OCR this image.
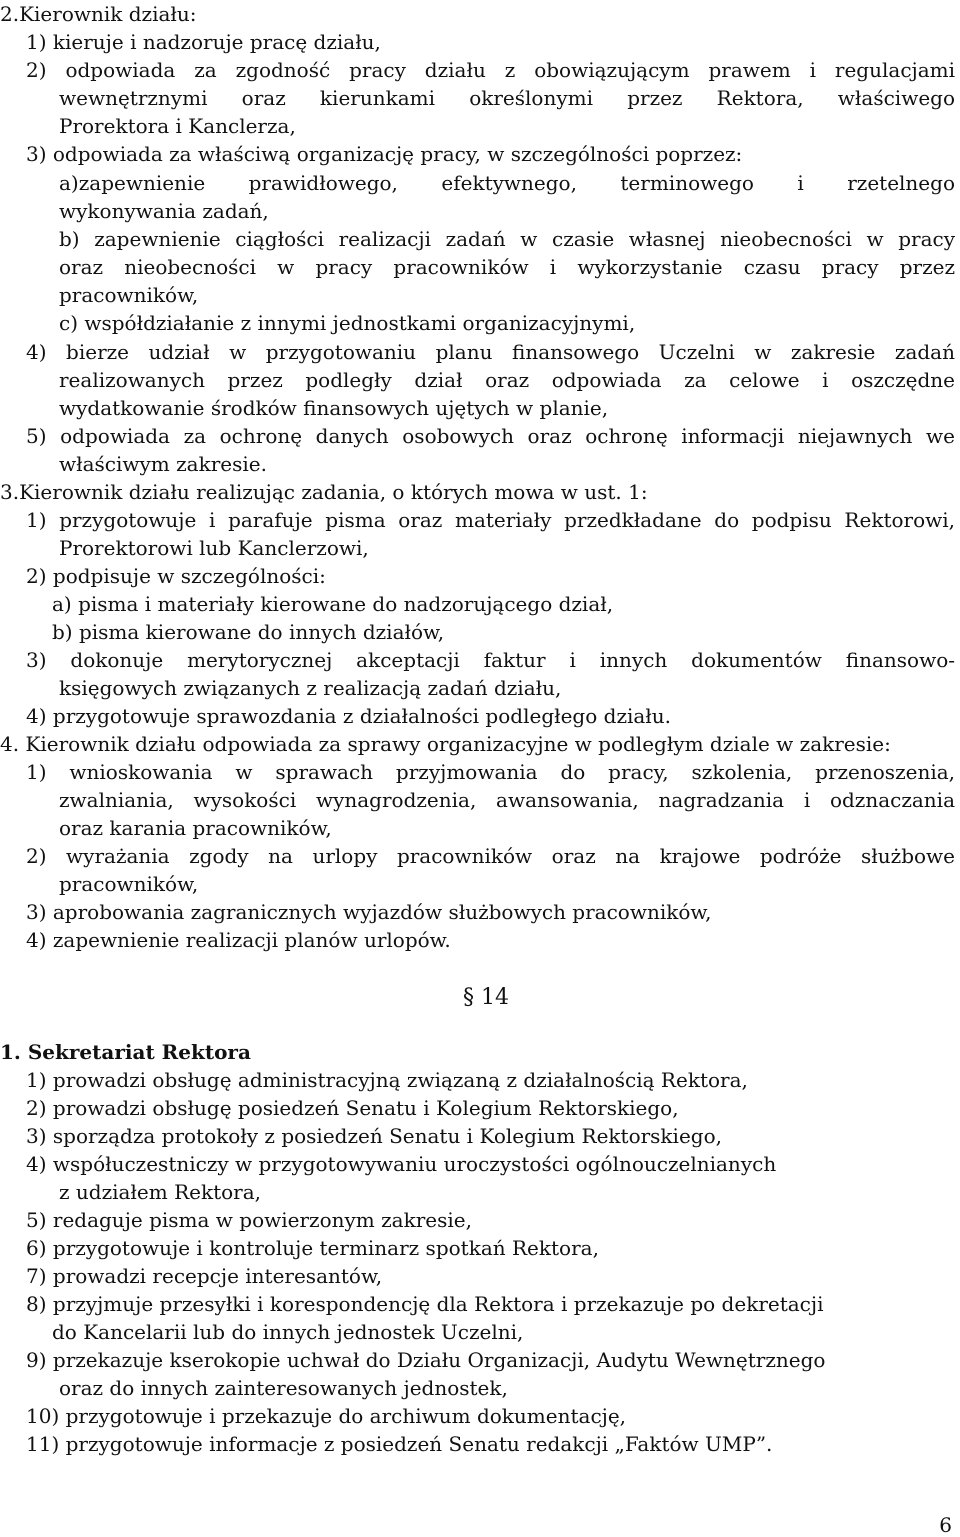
2.Kierownik działu:
1) kieruje i nadzoruje pracę działu,
2) odpowiada za zgodność pracy działu z obowiązującym prawem i regulacjami
wewnętrznymi oraz kierunkami określonymi przez Rektora, właściwego
Prorektora i Kanclerza,
3) odpowiada za właściwą organizację pracy, w szczególności poprzez:
a)zapewnienie prawidłowego, efektywnego, terminowego i rzetelnego
wykonywania zadań,
b) zapewnienie ciągłości realizacji zadań w czasie własnej nieobecności w pracy
oraz nieobecności w pracy pracowników i wykorzystanie czasu pracy przez
pracowników,
c) współdziałanie z innymi jednostkami organizacyjnymi,
4) bierze udział w przygotowaniu planu finansowego Uczelni w zakresie zadań
realizowanych przez podległy dział oraz odpowiada za celowe i oszczędne
wydatkowanie środków finansowych ujętych w planie,
5) odpowiada za ochronę danych osobowych oraz ochronę informacji niejawnych we
właściwym zakresie.
3.Kierownik działu realizując zadania, o których mowa w ust. 1:
1) przygotowuje i parafuje pisma oraz materiały przedkładane do podpisu Rektorowi,
Prorektorowi lub Kanclerzowi,
2) podpisuje w szczególności:
a) pisma i materiały kierowane do nadzorującego dział,
b) pisma kierowane do innych działów,
3) dokonuje merytorycznej akceptacji faktur i innych dokumentów finansowo-
księgowych związanych z realizacją zadań działu,
4) przygotowuje sprawozdania z działalności podległego działu.
4. Kierownik działu odpowiada za sprawy organizacyjne w podległym dziale w zakresie:
1) wnioskowania w sprawach przyjmowania do pracy, szkolenia, przenoszenia,
zwalniania, wysokości wynagrodzenia, awansowania, nagradzania i odznaczania
oraz karania pracowników,
2) wyrażania zgody na urlopy pracowników oraz na krajowe podróże służbowe
pracowników,
3) aprobowania zagranicznych wyjazdów służbowych pracowników,
4) zapewnienie realizacji planów urlopów.
§ 14
1. Sekretariat Rektora
1) prowadzi obsługę administracyjną związaną z działalnością Rektora,
2) prowadzi obsługę posiedzeń Senatu i Kolegium Rektorskiego,
3) sporządza protokoły z posiedzeń Senatu i Kolegium Rektorskiego,
4) współuczestniczy w przygotowywaniu uroczystości ogólnouczelnianych
z udziałem Rektora,
5) redaguje pisma w powierzonym zakresie,
6) przygotowuje i kontroluje terminarz spotkań Rektora,
7) prowadzi recepcje interesantów,
8) przyjmuje przesyłki i korespondencję dla Rektora i przekazuje po dekretacji
do Kancelarii lub do innych jednostek Uczelni,
9) przekazuje kserokopie uchwał do Działu Organizacji, Audytu Wewnętrznego
oraz do innych zainteresowanych jednostek,
10) przygotowuje i przekazuje do archiwum dokumentację,
11) przygotowuje informacje z posiedzeń Senatu redakcji „Faktów UMP”.
6
